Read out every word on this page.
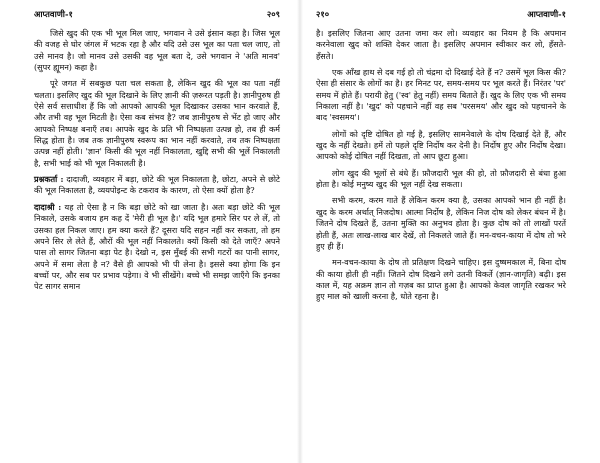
आप्तवाणी-१	२०९

जिसे खुद की एक भी भूल मिल जाए, भगवान ने उसे इंसान कहा है। जिस भूल की वजह से घोर जंगल में भटक रहा है और यदि उसे उस भूल का पता चल जाए, तो उसे मानव है। जो मानव उसे उसकी वह भूल बता दे, उसे भगवान ने 'अति मानव' (सुपर ह्यूमन) कहा है।

पूरे जगत में सबकुछ पता चल सकता है, लेकिन खुद की भूल का पता नहीं चलता। इसलिए खुद की भूल दिखाने के लिए ज्ञानी की ज़रूरत पड़ती है। ज्ञानीपुरुष ही ऐसे सर्व सत्ताधीश हैं कि जो आपको आपकी भूल दिखाकर उसका भान करवाते हैं, और तभी वह भूल मिटती है। ऐसा कब संभव है? जब ज्ञानीपुरुष से भेंट हो जाए और आपको निष्पक्ष बनाएँ तब। आपके खुद के प्रति भी निष्पक्षता उत्पन्न हो, तब ही कर्म सिद्ध होता है। जब तक ज्ञानीपुरुष स्वरूप का भान नहीं करवाते, तब तक निष्पक्षता उत्पन्न नहीं होती। 'ज्ञान' किसी की भूल नहीं निकालता, खुद्दि सभी की भूलें निकालती है, सभी भाई को भी भूल निकालती है।

प्रश्नकर्ता : दादाजी, व्यवहार में बड़ा, छोटे की भूल निकालता है, छोटा, अपने से छोटे की भूल निकालता है, व्ययपोइन्ट के टकराव के कारण, तो ऐसा क्यों होता है?

दादाश्री : यह तो ऐसा है न कि बड़ा छोटे को खा जाता है। अतः बड़ा छोटे की भूल निकाले, उसके बजाय हम कह दें 'मेरी ही भूल है।' यदि भूल हमारे सिर पर ले लें, तो उसका हल निकल जाए। हम क्या करते हैं? दूसरा यदि सहन नहीं कर सकता, तो हम अपने सिर ले लेते हैं, औरों की भूल नहीं निकालते। क्यों किसी को देते जाएँ? अपने पास तो सागर जितना बड़ा पेट है। देखो न, इस मुँबई की सभी गटरों का पानी सागर, अपने में समा लेता है न? वैसे ही आपको भी पी लेना है। इससे क्या होगा कि इन बच्चों पर, और सब पर प्रभाव पड़ेगा। वे भी सीखेंगे। बच्चे भी समझ जाएँगे कि इनका पेट सागर समान

२१०	आप्तवाणी-१

है। इसलिए जितना आए उतना जमा कर लो। व्यवहार का नियम है कि अपमान करनेवाला खुद को शक्ति देकर जाता है। इसलिए अपमान स्वीकार कर लो, हँसते-हँसते।

एक आँख हाथ से दब गई हो तो चंद्रमा दो दिखाई देते हैं न? उसमें भूल किस की? ऐसा ही संसार के लोगों का है। हर मिनट पर, समय-समय पर भूल करते हैं। निरंतर 'पर' समय में होते हैं। परायी हेतु ('स्व' हेतु नहीं) समय बिताते हैं। खुद के लिए एक भी समय निकाला नहीं है। 'खुद' को पहचाने नहीं वह सब 'परसमय' और खुद को पहचानने के बाद 'स्वसमय'।

लोगों को दृष्टि दोषित हो गई है, इसलिए सामनेवाले के दोष दिखाई देते हैं, और खुद के नहीं देखते। हमें तो पहले दृष्टि निर्दोष कर देनी है। निर्दोष हुए और निर्दोष देखा। आपको कोई दोषित नहीं दिखता, तो आप छूटा हुआ।

लोग खुद की भूलों से बंधे हैं। फ़ौजदारी भूल की हो, तो फ़ौजदारी से बंधा हुआ होता है। कोई मनुष्य खुद की भूल नहीं देख सकता।

सभी करम, करम गाते हैं लेकिन करम क्या है, उसका आपको भान ही नहीं है। खुद के करम अर्थात् निजदोष। आत्मा निर्दोष है, लेकिन निज दोष को लेकर बंधन में है। जितने दोष दिखते हैं, उतना मुक्ति का अनुभव होता है। कुछ दोष को तो लाखों परतें होती हैं, अतः लाख-लाख बार देखें, तो निकलते जाते हैं। मन-वचन-काया में दोष तो भरे हुए ही हैं।

मन-वचन-काया के दोष तो प्रतिक्षण दिखने चाहिए। इस दुष्षमकाल में, बिना दोष की काया होती ही नहीं। जितने दोष दिखने लगे उतनी विकर्ते (ज्ञान-जागृति) बढ़ी। इस काल में, यह अक्रम ज्ञान तो गज़ब का प्राप्त हुआ है। आपको केवल जागृति रखकर भरे हुए माल को खाली करना है, धोते रहना है।
